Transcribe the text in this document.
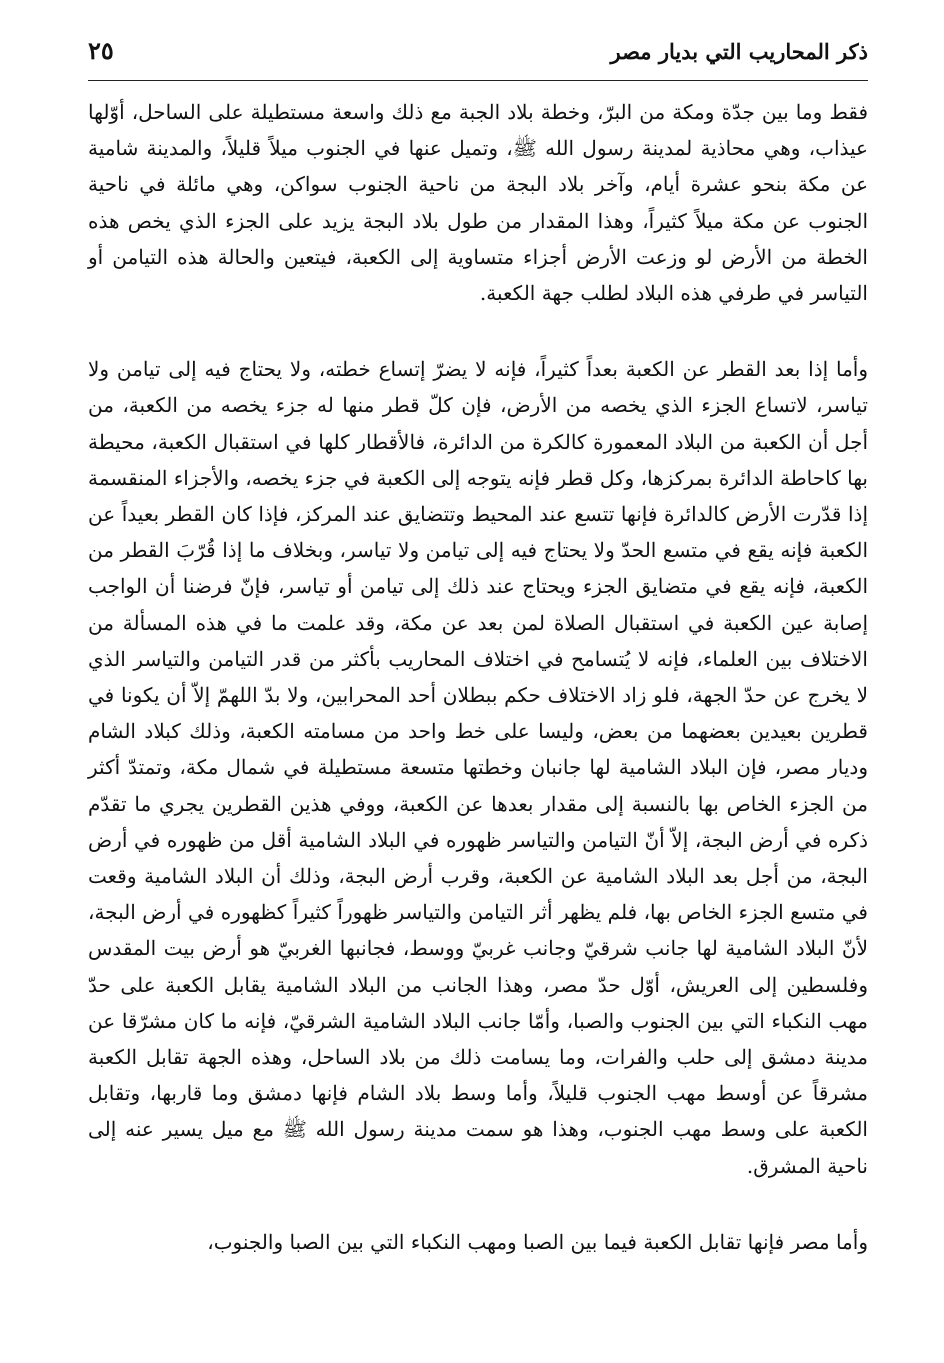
ذكر المحاريب التي بديار مصر
٢٥

فقط وما بين جدّة ومكة من البرّ، وخطة بلاد الجبة مع ذلك واسعة مستطيلة على الساحل، أوّلها عيذاب، وهي محاذية لمدينة رسول الله ﷺ، وتميل عنها في الجنوب ميلاً قليلاً، والمدينة شامية عن مكة بنحو عشرة أيام، وآخر بلاد البجة من ناحية الجنوب سواكن، وهي مائلة في ناحية الجنوب عن مكة ميلاً كثيراً، وهذا المقدار من طول بلاد البجة يزيد على الجزء الذي يخص هذه الخطة من الأرض لو وزعت الأرض أجزاء متساوية إلى الكعبة، فيتعين والحالة هذه التيامن أو التياسر في طرفي هذه البلاد لطلب جهة الكعبة.

وأما إذا بعد القطر عن الكعبة بعداً كثيراً، فإنه لا يضرّ إتساع خطته، ولا يحتاج فيه إلى تيامن ولا تياسر، لاتساع الجزء الذي يخصه من الأرض، فإن كلّ قطر منها له جزء يخصه من الكعبة، من أجل أن الكعبة من البلاد المعمورة كالكرة من الدائرة، فالأقطار كلها في استقبال الكعبة، محيطة بها كاحاطة الدائرة بمركزها، وكل قطر فإنه يتوجه إلى الكعبة في جزء يخصه، والأجزاء المنقسمة إذا قدّرت الأرض كالدائرة فإنها تتسع عند المحيط وتتضايق عند المركز، فإذا كان القطر بعيداً عن الكعبة فإنه يقع في متسع الحدّ ولا يحتاج فيه إلى تيامن ولا تياسر، وبخلاف ما إذا قُرّبَ القطر من الكعبة، فإنه يقع في متضايق الجزء ويحتاج عند ذلك إلى تيامن أو تياسر، فإنّ فرضنا أن الواجب إصابة عين الكعبة في استقبال الصلاة لمن بعد عن مكة، وقد علمت ما في هذه المسألة من الاختلاف بين العلماء، فإنه لا يُتسامح في اختلاف المحاريب بأكثر من قدر التيامن والتياسر الذي لا يخرج عن حدّ الجهة، فلو زاد الاختلاف حكم ببطلان أحد المحرابين، ولا بدّ اللهمّ إلاّ أن يكونا في قطرين بعيدين بعضهما من بعض، وليسا على خط واحد من مسامته الكعبة، وذلك كبلاد الشام وديار مصر، فإن البلاد الشامية لها جانبان وخطتها متسعة مستطيلة في شمال مكة، وتمتدّ أكثر من الجزء الخاص بها بالنسبة إلى مقدار بعدها عن الكعبة، ووفي هذين القطرين يجري ما تقدّم ذكره في أرض البجة، إلاّ أنّ التيامن والتياسر ظهوره في البلاد الشامية أقل من ظهوره في أرض البجة، من أجل بعد البلاد الشامية عن الكعبة، وقرب أرض البجة، وذلك أن البلاد الشامية وقعت في متسع الجزء الخاص بها، فلم يظهر أثر التيامن والتياسر ظهوراً كثيراً كظهوره في أرض البجة، لأنّ البلاد الشامية لها جانب شرقيّ وجانب غربيّ ووسط، فجانبها الغربيّ هو أرض بيت المقدس وفلسطين إلى العريش، أوّل حدّ مصر، وهذا الجانب من البلاد الشامية يقابل الكعبة على حدّ مهب النكباء التي بين الجنوب والصبا، وأمّا جانب البلاد الشامية الشرقيّ، فإنه ما كان مشرّقا عن مدينة دمشق إلى حلب والفرات، وما يسامت ذلك من بلاد الساحل، وهذه الجهة تقابل الكعبة مشرقاً عن أوسط مهب الجنوب قليلاً، وأما وسط بلاد الشام فإنها دمشق وما قاربها، وتقابل الكعبة على وسط مهب الجنوب، وهذا هو سمت مدينة رسول الله ﷺ مع ميل يسير عنه إلى ناحية المشرق.

وأما مصر فإنها تقابل الكعبة فيما بين الصبا ومهب النكباء التي بين الصبا والجنوب،
